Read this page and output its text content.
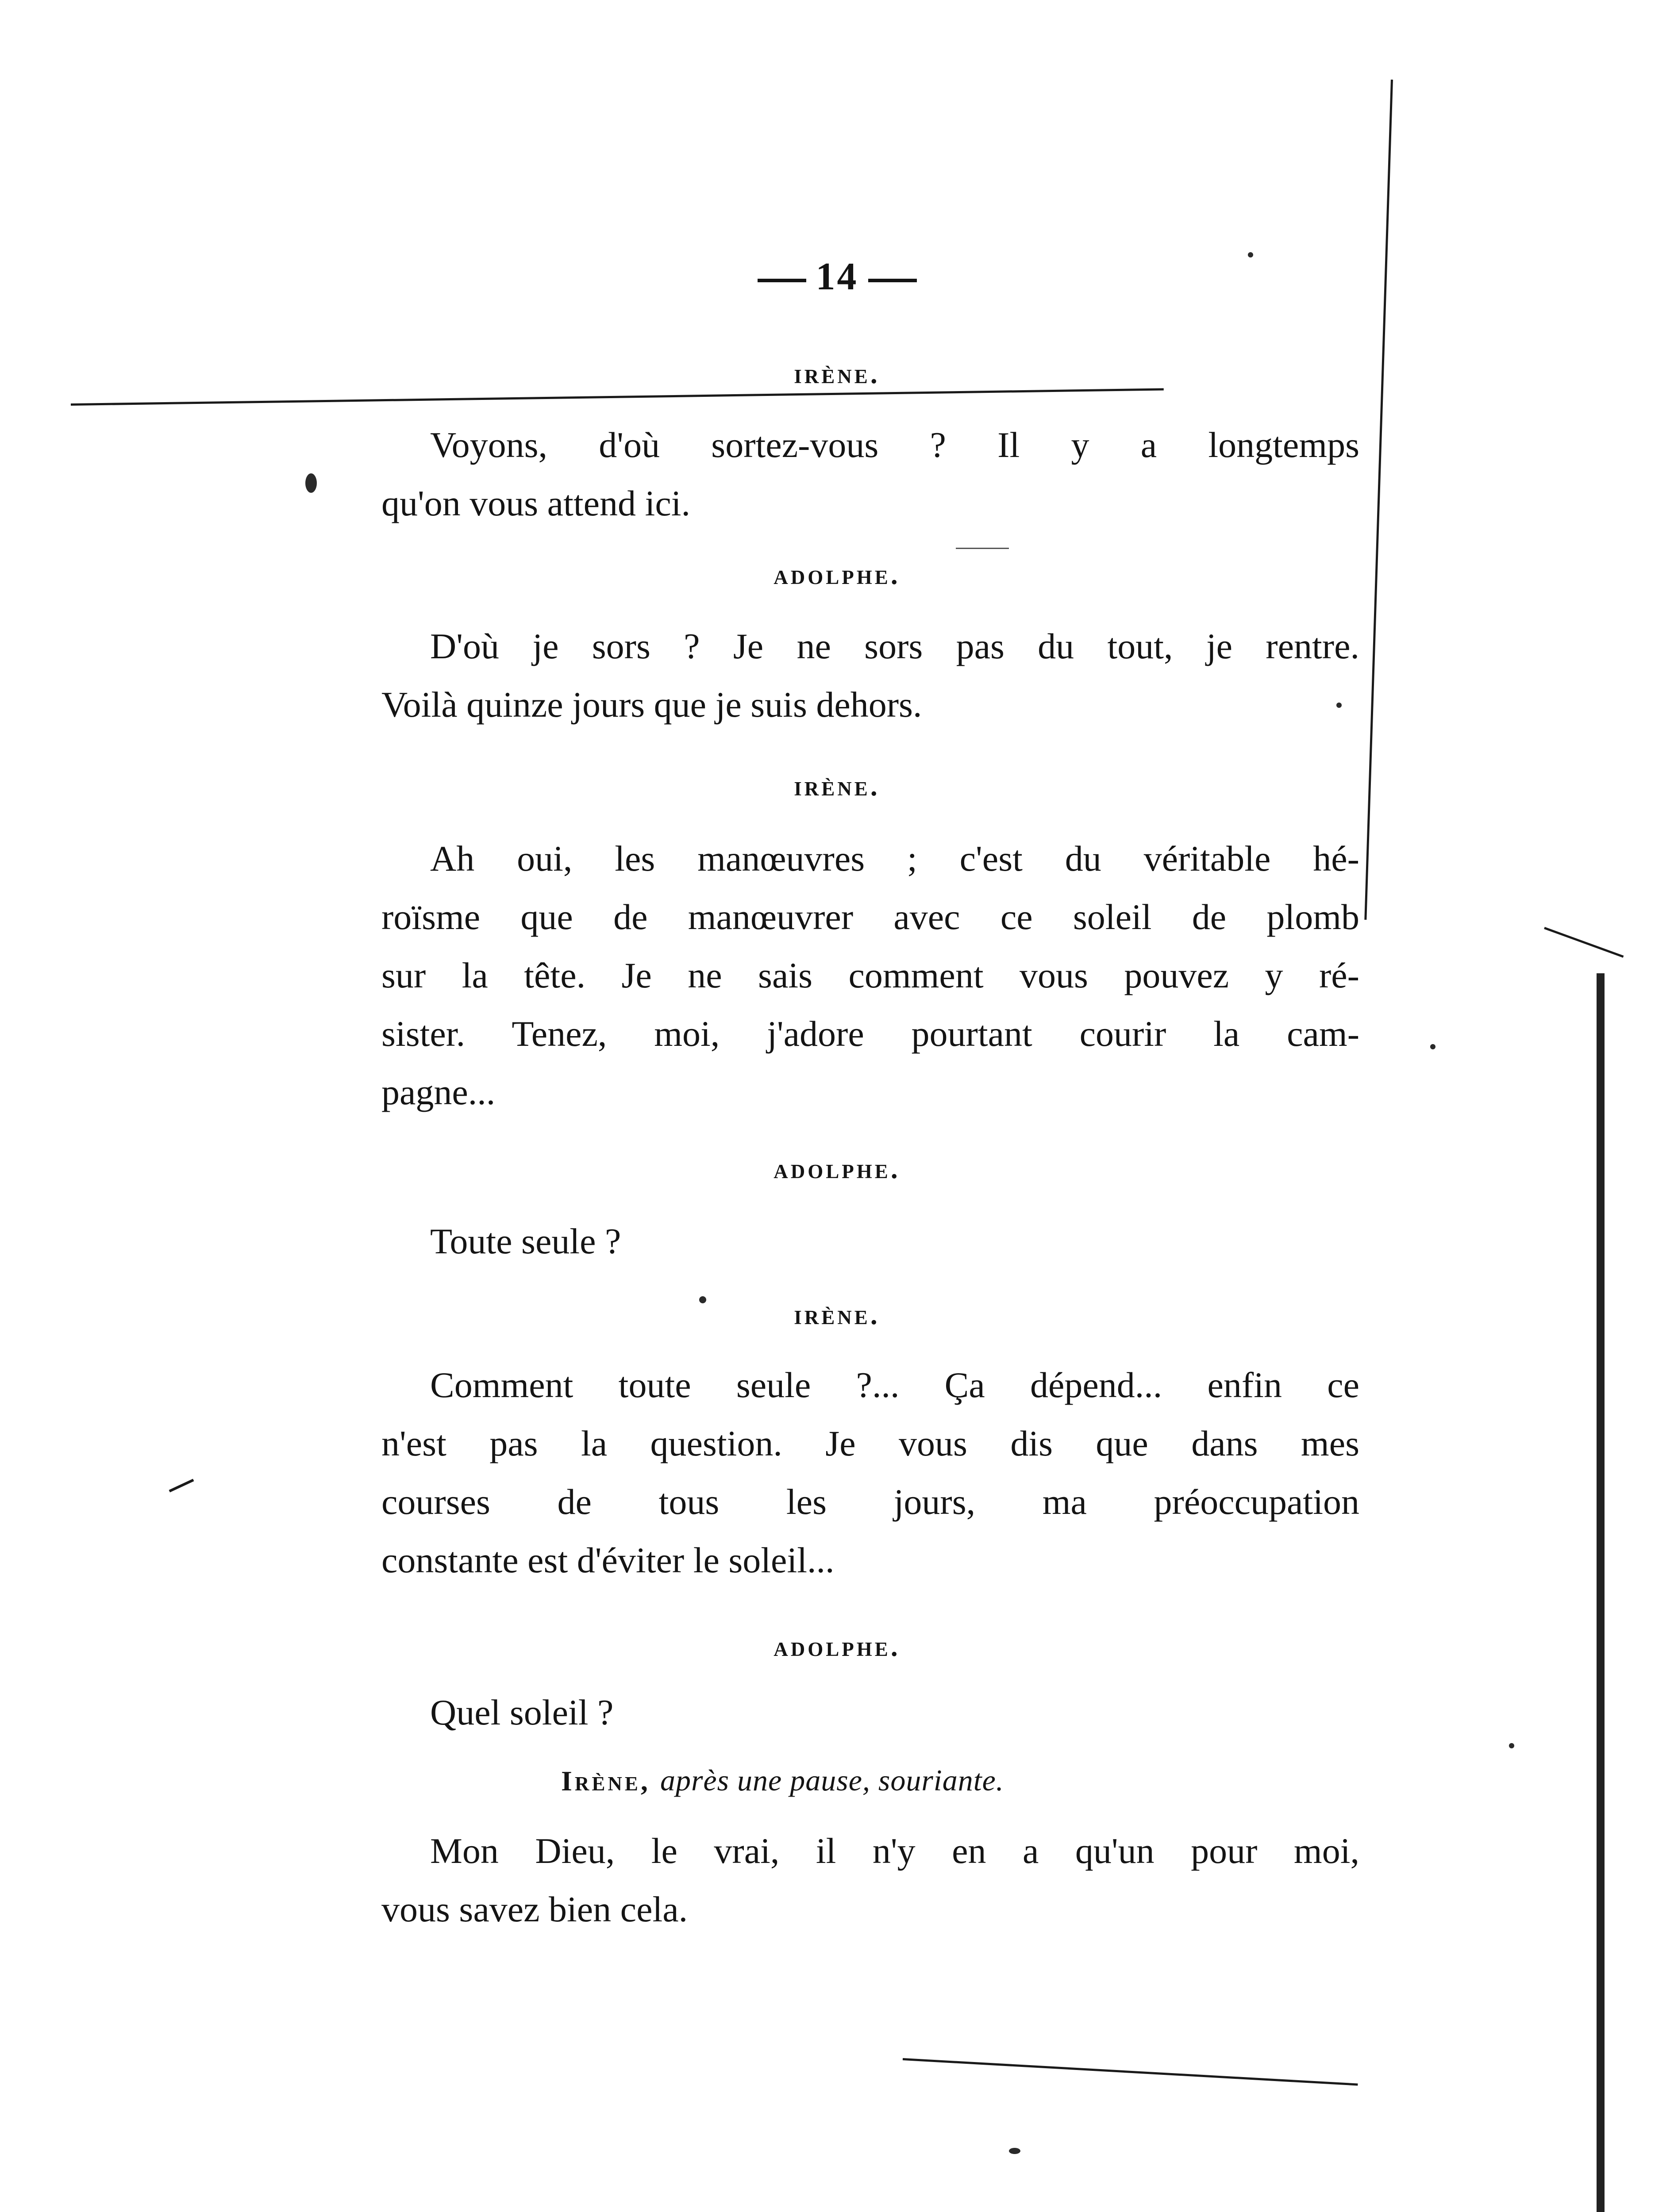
14
irène.
Voyons, d'où sortez-vous ? Il y a longtemps
qu'on vous attend ici.
adolphe.
D'où je sors ? Je ne sors pas du tout, je rentre.
Voilà quinze jours que je suis dehors.
irène.
Ah oui, les manœuvres ; c'est du véritable hé-
roïsme que de manœuvrer avec ce soleil de plomb
sur la tête. Je ne sais comment vous pouvez y ré-
sister. Tenez, moi, j'adore pourtant courir la cam-
pagne...
adolphe.
Toute seule ?
irène.
Comment toute seule ?... Ça dépend... enfin ce
n'est pas la question. Je vous dis que dans mes
courses de tous les jours, ma préoccupation
constante est d'éviter le soleil...
adolphe.
Quel soleil ?
Irène, après une pause, souriante.
Mon Dieu, le vrai, il n'y en a qu'un pour moi,
vous savez bien cela.
